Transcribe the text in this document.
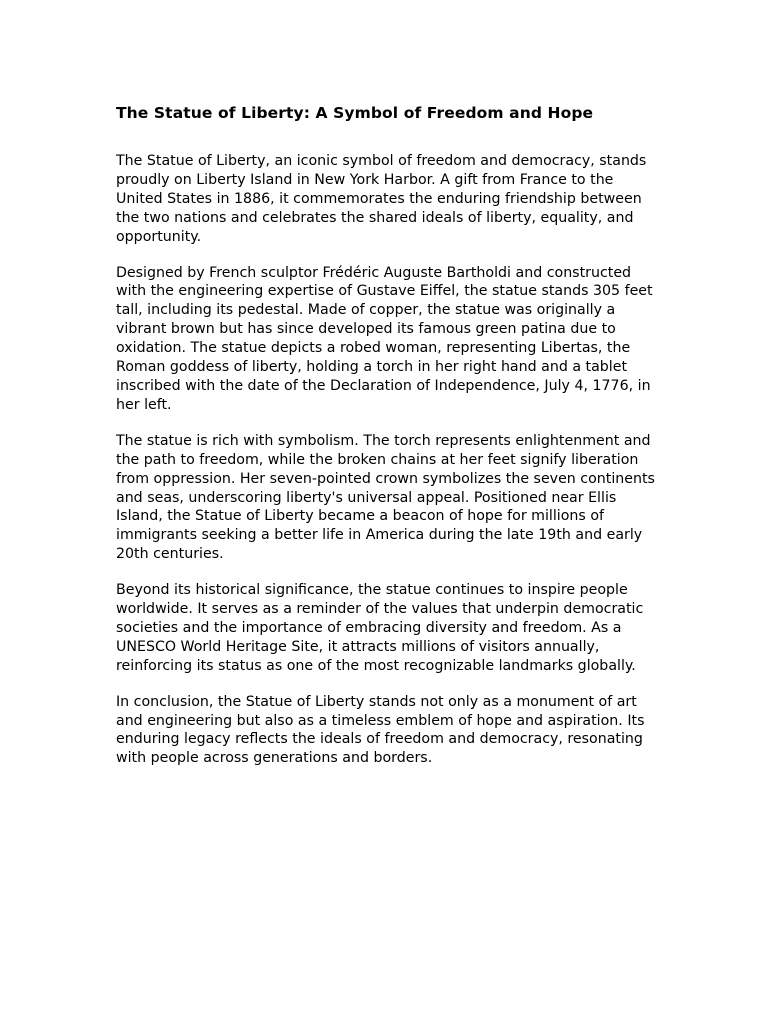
The Statue of Liberty: A Symbol of Freedom and Hope

The Statue of Liberty, an iconic symbol of freedom and democracy, stands proudly on Liberty Island in New York Harbor. A gift from France to the United States in 1886, it commemorates the enduring friendship between the two nations and celebrates the shared ideals of liberty, equality, and opportunity.

Designed by French sculptor Frédéric Auguste Bartholdi and constructed with the engineering expertise of Gustave Eiffel, the statue stands 305 feet tall, including its pedestal. Made of copper, the statue was originally a vibrant brown but has since developed its famous green patina due to oxidation. The statue depicts a robed woman, representing Libertas, the Roman goddess of liberty, holding a torch in her right hand and a tablet inscribed with the date of the Declaration of Independence, July 4, 1776, in her left.

The statue is rich with symbolism. The torch represents enlightenment and the path to freedom, while the broken chains at her feet signify liberation from oppression. Her seven-pointed crown symbolizes the seven continents and seas, underscoring liberty's universal appeal. Positioned near Ellis Island, the Statue of Liberty became a beacon of hope for millions of immigrants seeking a better life in America during the late 19th and early 20th centuries.

Beyond its historical significance, the statue continues to inspire people worldwide. It serves as a reminder of the values that underpin democratic societies and the importance of embracing diversity and freedom. As a UNESCO World Heritage Site, it attracts millions of visitors annually, reinforcing its status as one of the most recognizable landmarks globally.

In conclusion, the Statue of Liberty stands not only as a monument of art and engineering but also as a timeless emblem of hope and aspiration. Its enduring legacy reflects the ideals of freedom and democracy, resonating with people across generations and borders.
